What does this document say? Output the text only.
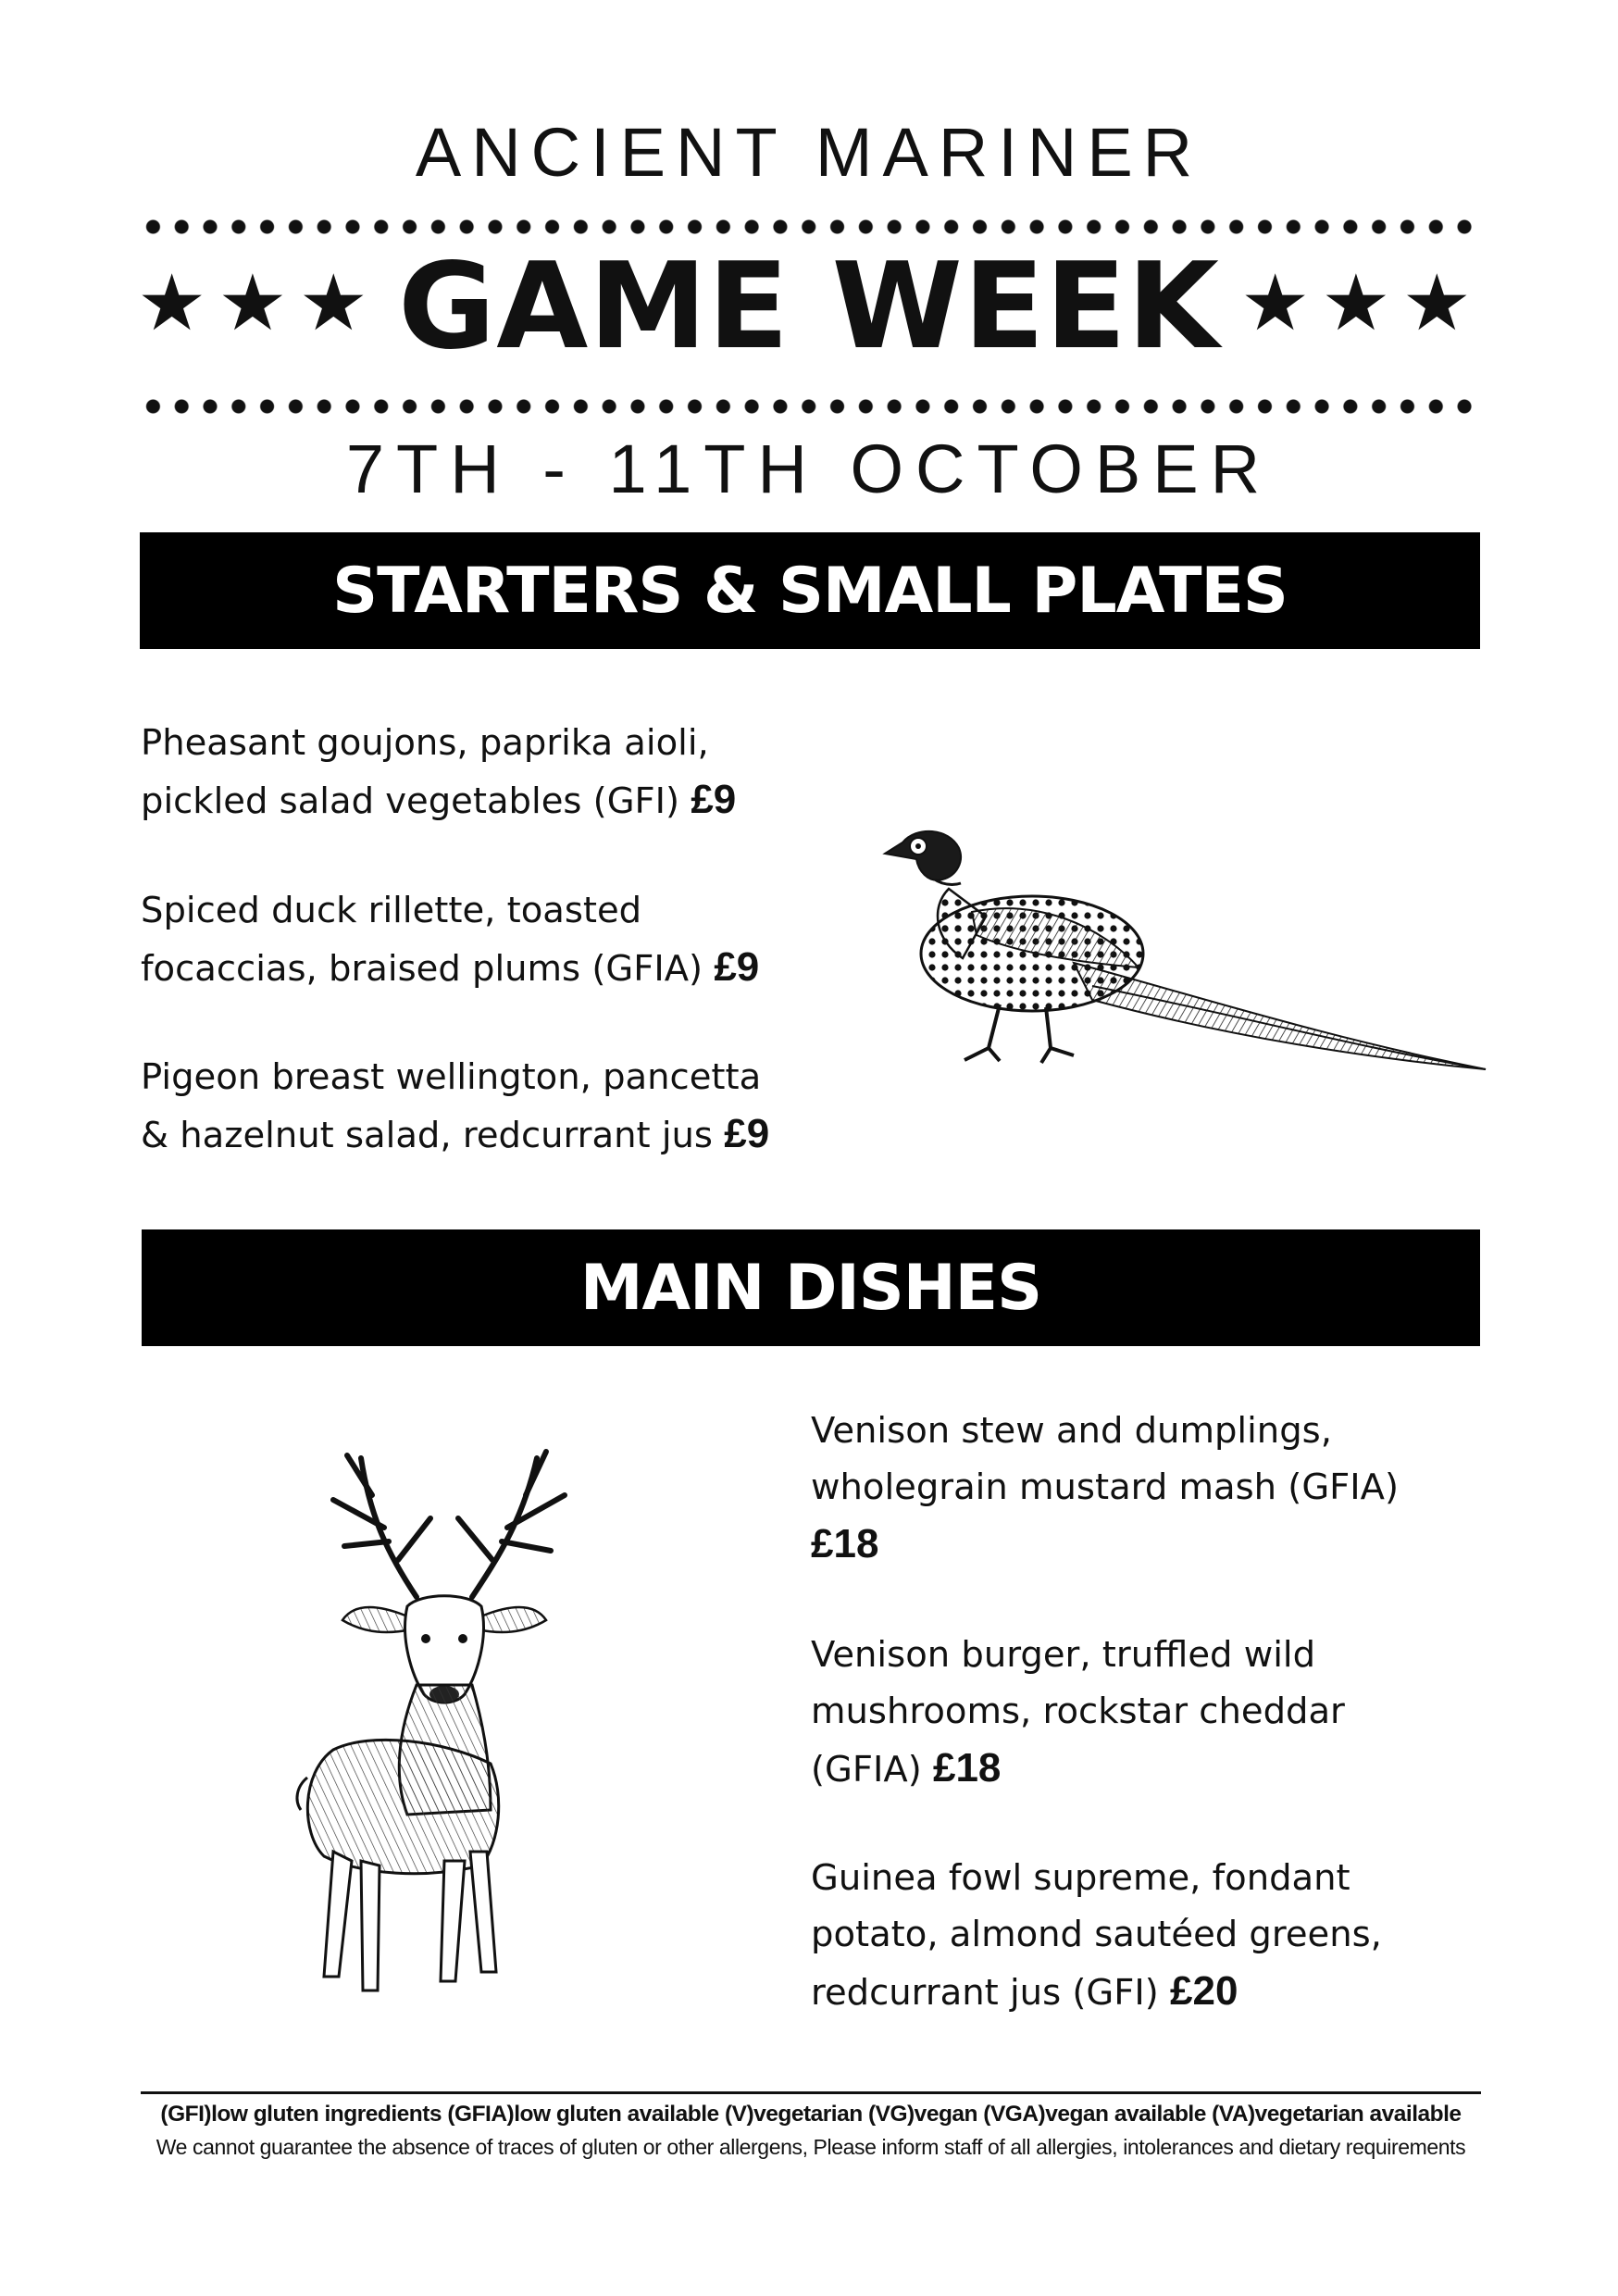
ANCIENT MARINER
★★★ GAME WEEK ★★★
7TH - 11TH OCTOBER
STARTERS & SMALL PLATES
Pheasant goujons, paprika aioli,
pickled salad vegetables (GFI) £9
Spiced duck rillette, toasted
focaccias, braised plums (GFIA) £9
Pigeon breast wellington, pancetta
& hazelnut salad, redcurrant jus £9
MAIN DISHES
Venison stew and dumplings,
wholegrain mustard mash (GFIA)
£18
Venison burger, truffled wild
mushrooms, rockstar cheddar
(GFIA) £18
Guinea fowl supreme, fondant
potato, almond sautéed greens,
redcurrant jus (GFI) £20
(GFI)low gluten ingredients (GFIA)low gluten available (V)vegetarian (VG)vegan (VGA)vegan available (VA)vegetarian available
We cannot guarantee the absence of traces of gluten or other allergens, Please inform staff of all allergies, intolerances and dietary requirements
